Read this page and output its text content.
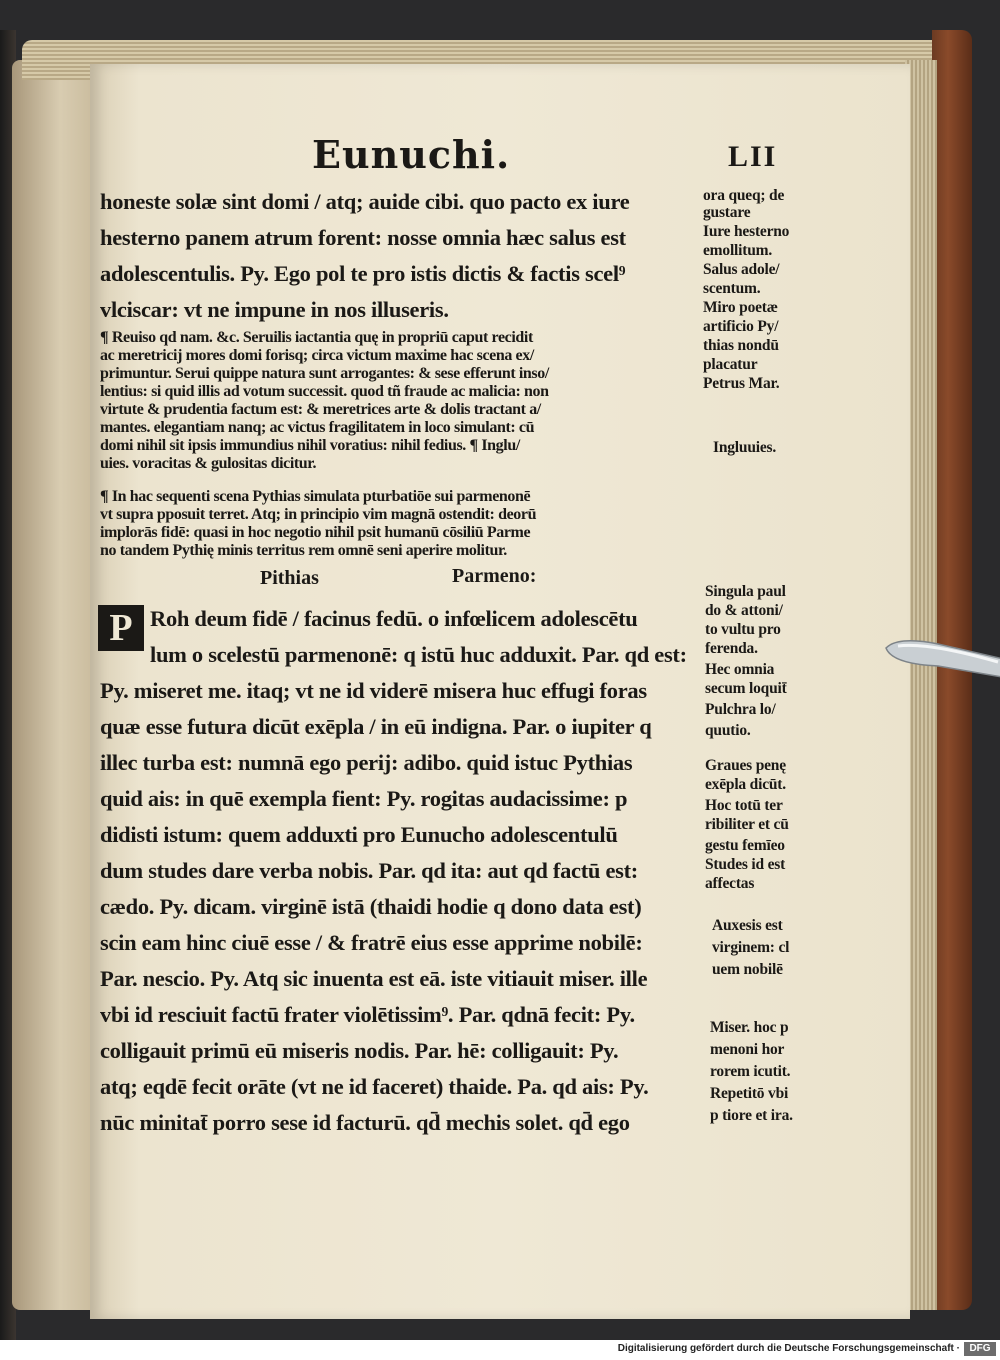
Eunuchi.	LII
honeste solæ sint domi / atq; auide cibi. quo pacto ex iure
hesterno panem atrum forent: nosse omnia hæc salus est
adolescentulis. Py. Ego pol te pro istis dictis & factis scel⁹
vlciscar: vt ne impune in nos illuseris.
¶ Reuiso qd nam. &c. Seruilis iactantia quę in propriū caput recidit
ac meretricij mores domi forisq; circa victum maxime hac scena ex/
primuntur. Serui quippe natura sunt arrogantes: & sese efferunt inso/
lentius: si quid illis ad votum successit. quod tñ fraude ac malicia: non
virtute & prudentia factum est: & meretrices arte & dolis tractant a/
mantes. elegantiam nanq; ac victus fragilitatem in loco simulant: cū
domi nihil sit ipsis immundius nihil voratius: nihil fedius. ¶ Inglu/
uies. voracitas & gulositas dicitur.
¶ In hac sequenti scena Pythias simulata pturbatiōe sui parmenonē
vt supra pposuit terret. Atq; in principio vim magnā ostendit: deorū
implorās fidē: quasi in hoc negotio nihil psit humanū cōsiliū Parme
no tandem Pythię minis territus rem omnē seni aperire molitur.
Pithias	Parmeno:
P Roh deum fidē / facinus fedū. o infœlicem adolescētu
lum o scelestū parmenonē: q istū huc adduxit. Par. qd est:
Py. miseret me. itaq; vt ne id viderē misera huc effugi foras
quæ esse futura dicūt exēpla / in eū indigna. Par. o iupiter q
illec turba est: numnā ego perij: adibo. quid istuc Pythias
quid ais: in quē exempla fient: Py. rogitas audacissime: p
didisti istum: quem adduxti pro Eunucho adolescentulū
dum studes dare verba nobis. Par. qd ita: aut qd factū est:
cædo. Py. dicam. virginē istā (thaidi hodie q dono data est)
scin eam hinc ciuē esse / & fratrē eius esse apprime nobilē:
Par. nescio. Py. Atq sic inuenta est eā. iste vitiauit miser. ille
vbi id resciuit factū frater violētissim⁹. Par. qdnā fecit: Py.
colligauit primū eū miseris nodis. Par. hē: colligauit: Py.
atq; eqdē fecit orāte (vt ne id faceret) thaide. Pa. qd ais: Py.
nūc minitat̄ porro sese id facturū. qd̄ mechis solet. qd̄ ego
ora queq; de
gustare
Iure hesterno
emollitum.
Salus adole/
scentum.
Miro poetæ
artificio Py/
thias nondū
placatur
Petrus Mar.
Ingluuies.
Singula paul
do & attoni/
to vultu pro
ferenda.
Hec omnia
secum loquit̄
Pulchra lo/
quutio.
Graues penę
exēpla dicūt.
Hoc totū ter
ribiliter et cū
gestu femīeo
Studes id est
affectas
Auxesis est
virginem: cl
uem nobilē
Miser. hoc p
menoni hor
rorem icutit.
Repetitō vbi
p tiore et ira.
Digitalisierung gefördert durch die Deutsche Forschungsgemeinschaft · DFG
